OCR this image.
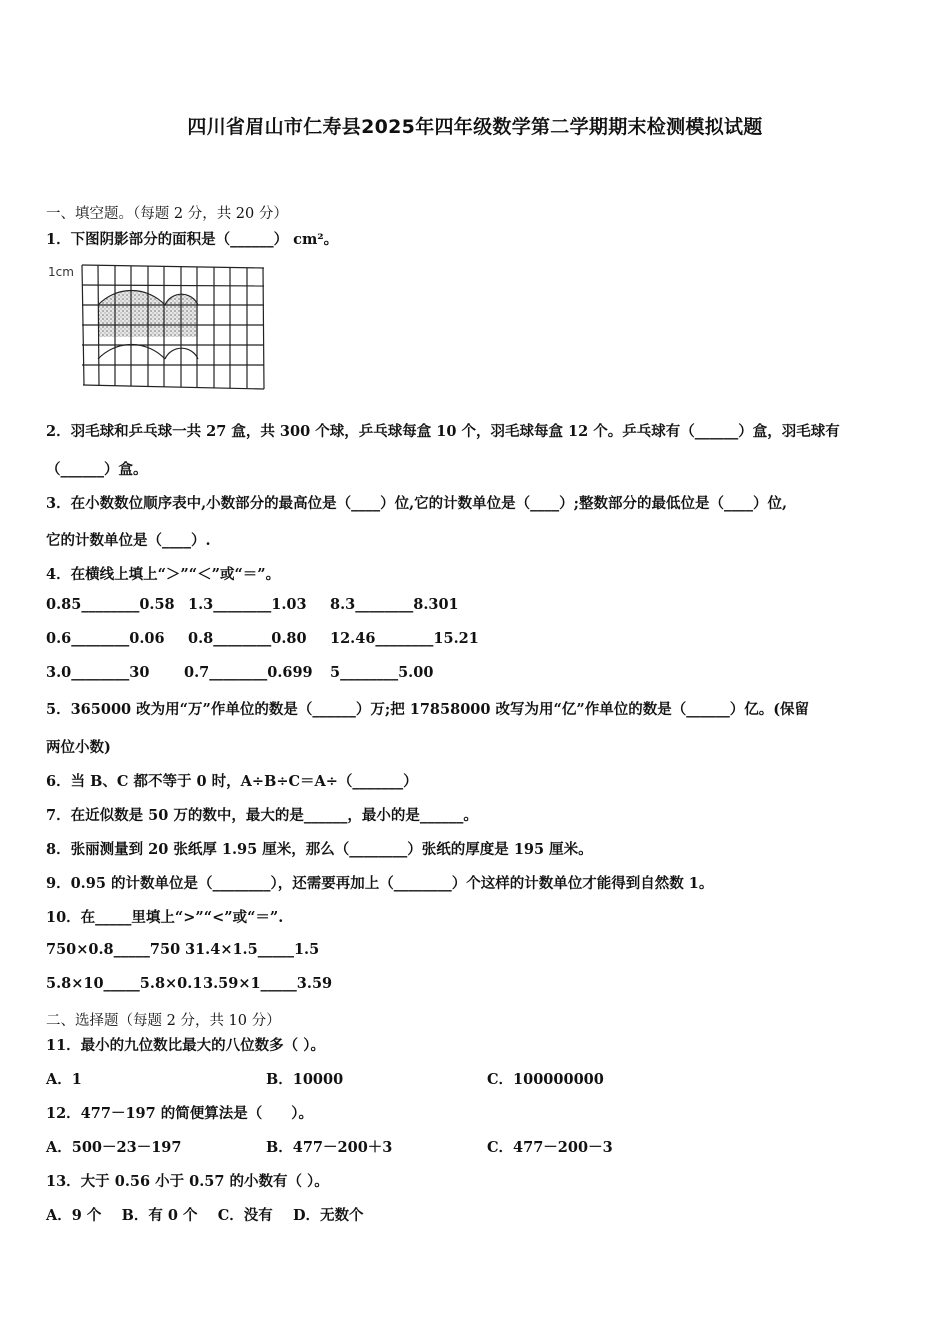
四川省眉山市仁寿县2025年四年级数学第二学期期末检测模拟试题
一、填空题。（每题 2 分，共 20 分）
1．下图阴影部分的面积是（______） cm²。
1cm
2．羽毛球和乒乓球一共 27 盒，共 300 个球，乒乓球每盒 10 个，羽毛球每盒 12 个。乒乓球有（______）盒，羽毛球有
（______）盒。
3．在小数数位顺序表中,小数部分的最高位是（____）位,它的计数单位是（____）;整数部分的最低位是（____）位,
它的计数单位是（____）.
4．在横线上填上“＞”“＜”或“＝”。
0.85________0.58 1.3________1.03 8.3________8.301
0.6________0.06 0.8________0.80 12.46________15.21
3.0________30 0.7________0.699 5________5.00
5．365000 改为用“万”作单位的数是（______）万;把 17858000 改写为用“亿”作单位的数是（______）亿。(保留
两位小数)
6．当 B、C 都不等于 0 时，A÷B÷C＝A÷（_______）
7．在近似数是 50 万的数中，最大的是______，最小的是______。
8．张丽测量到 20 张纸厚 1.95 厘米，那么（________）张纸的厚度是 195 厘米。
9．0.95 的计数单位是（________），还需要再加上（________）个这样的计数单位才能得到自然数 1。
10．在_____里填上“>”“<”或“＝”.
750×0.8_____750 31.4×1.5_____1.5
5.8×10_____5.8×0.1 3.59×1_____3.59
二、选择题（每题 2 分，共 10 分）
11．最小的九位数比最大的八位数多（ ）。
A．1	B．10000	C．100000000
12．477－197 的简便算法是（　　）。
A．500－23－197	B．477－200＋3	C．477－200－3
13．大于 0.56 小于 0.57 的小数有（ ）。
A．9 个    B．有 0 个    C．没有    D．无数个
